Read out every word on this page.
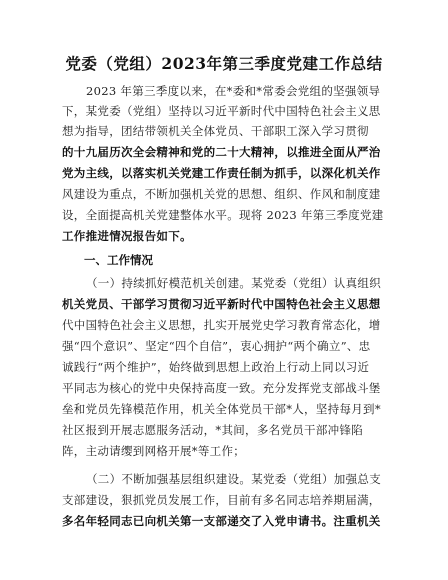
党委（党组）2023年第三季度党建工作总结
2023 年第三季度以来，在*委和*常委会党组的坚强领导
下，某党委（党组）坚持以习近平新时代中国特色社会主义思
想为指导，团结带领机关全体党员、干部职工深入学习贯彻
的十九届历次全会精神和党的二十大精神，以推进全面从严治
党为主线，以落实机关党建工作责任制为抓手，以深化机关作
风建设为重点，不断加强机关党的思想、组织、作风和制度建
设，全面提高机关党建整体水平。现将 2023 年第三季度党建
工作推进情况报告如下。
一、工作情况
（一）持续抓好模范机关创建。某党委（党组）认真组织
机关党员、干部学习贯彻习近平新时代中国特色社会主义思想
代中国特色社会主义思想，扎实开展党史学习教育常态化，增
强“四个意识”、坚定“四个自信”，衷心拥护“两个确立”、忠
诚践行“两个维护”，始终做到思想上政治上行动上同以习近
平同志为核心的党中央保持高度一致。充分发挥党支部战斗堡
垒和党员先锋模范作用，机关全体党员干部*人，坚持每月到*
社区报到开展志愿服务活动，*其间，多名党员干部冲锋陷
阵，主动请缨到网格开展*等工作；
（二）不断加强基层组织建设。某党委（党组）加强总支
支部建设，狠抓党员发展工作，目前有多名同志培养期届满，
多名年轻同志已向机关第一支部递交了入党申请书。注重机关
